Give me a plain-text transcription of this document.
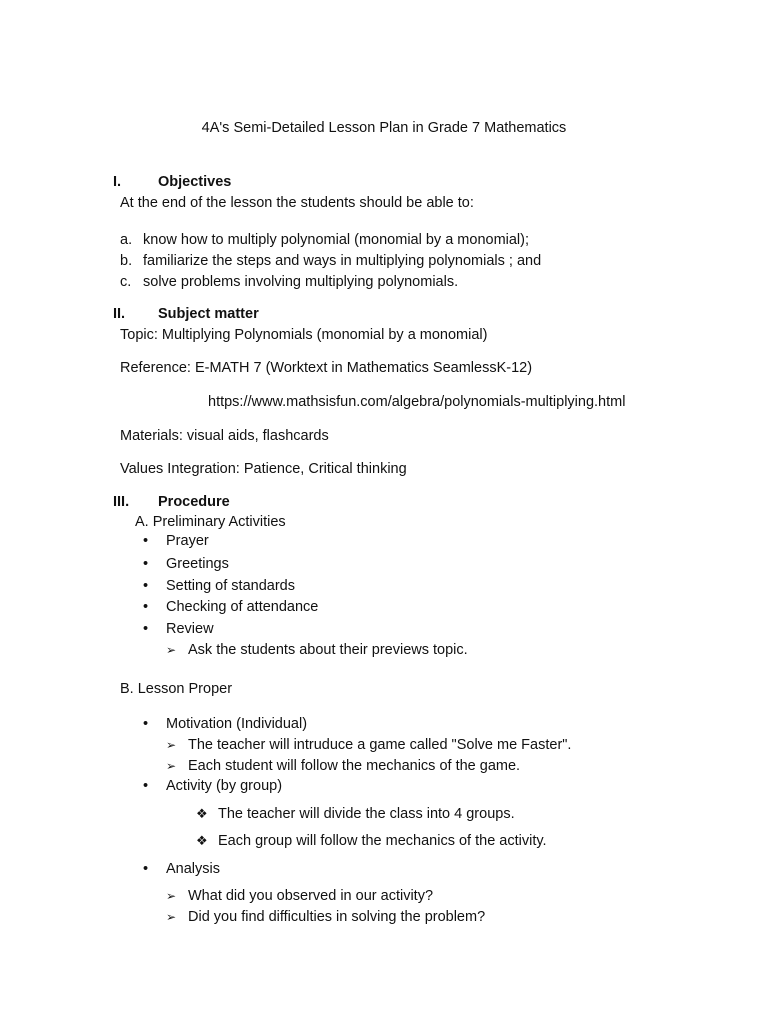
4A's Semi-Detailed Lesson Plan in Grade 7 Mathematics
I.	Objectives
At the end of the lesson the students should be able to:
a. know how to multiply polynomial (monomial by a monomial);
b. familiarize the steps and ways in multiplying polynomials ; and
c. solve problems involving multiplying polynomials.
II. Subject matter
Topic: Multiplying Polynomials (monomial by a monomial)
Reference: E-MATH 7 (Worktext in Mathematics SeamlessK-12)
https://www.mathsisfun.com/algebra/polynomials-multiplying.html
Materials: visual aids, flashcards
Values Integration: Patience, Critical thinking
III. Procedure
A. Preliminary Activities
• Prayer
• Greetings
• Setting of standards
• Checking of attendance
• Review
➢ Ask the students about their previews topic.
B. Lesson Proper
• Motivation (Individual)
➢ The teacher will intruduce a game called "Solve me Faster".
➢ Each student will follow the mechanics of the game.
• Activity (by group)
❖ The teacher will divide the class into 4 groups.
❖ Each group will follow the mechanics of the activity.
• Analysis
➢ What did you observed in our activity?
➢ Did you find difficulties in solving the problem?
